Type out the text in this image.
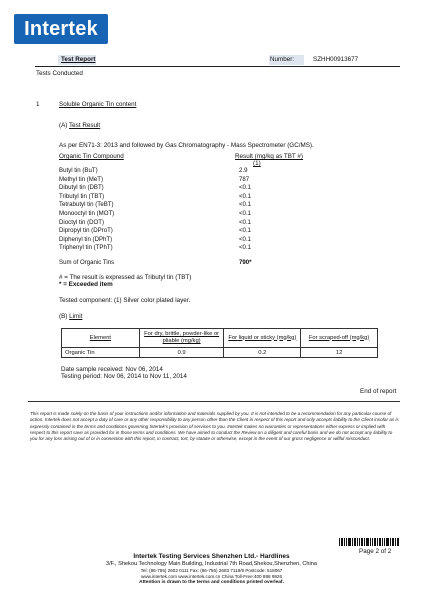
Intertek
Test Report	Number:	SZHH00913677
Tests Conducted
1	Soluble Organic Tin content
(A) Test Result
As per EN71-3: 2013 and followed by Gas Chromatography - Mass Spectrometer (GC/MS).
Organic Tin Compound	Result (mg/kg as TBT #)
(1)
Butyl tin (BuT)	2.9
Methyl tin (MeT)	787
Dibutyl tin (DBT)	<0.1
Tributyl tin (TBT)	<0.1
Tetrabutyl tin (TeBT)	<0.1
Monooctyl tin (MOT)	<0.1
Dioctyl tin (DOT)	<0.1
Dipropyl tin (DProT)	<0.1
Diphenyl tin (DPhT)	<0.1
Triphenyl tin (TPhT)	<0.1
Sum of Organic Tins	790*
# = The result is expressed as Tributyl tin (TBT)
* = Exceeded item
Tested component: (1) Silver color plated layer.
(B) Limit
Element	For dry, brittle, powder-like or pliable (mg/kg)	For liquid or sticky (mg/kg)	For scraped-off (mg/kg)
Organic Tin	0.9	0.2	12
Date sample received: Nov 06, 2014
Testing period: Nov 06, 2014 to Nov 11, 2014
End of report
This report is made solely on the basis of your instructions and/or information and materials supplied by you. It is not intended to be a recommendation for any particular course of action. Intertek does not accept a duty of care or any other responsibility to any person other than the Client in respect of this report and only accepts liability to the Client insofar as is expressly contained in the terms and conditions governing Intertek's provision of services to you. Intertek makes no warranties or representations either express or implied with respect to this report save as provided for in those terms and conditions. We have aimed to conduct the Review on a diligent and careful basis and we do not accept any liability to you for any loss arising out of or in connection with this report, in contract, tort, by statute or otherwise, except in the event of our gross negligence or willful misconduct.
Page 2 of 2
Intertek Testing Services Shenzhen Ltd.- Hardlines
3/F., Shekou Technology Main Building, Industrial 7th Road,Shekou,Shenzhen, China
Tel: (86-755) 2602 0111 Fax: (86-755) 2683 7118/9 Postcode: 518067
www.intertek.com www.intertek.com.cn China Toll-Free:400 886 9926
Attention is drawn to the terms and conditions printed overleaf.
